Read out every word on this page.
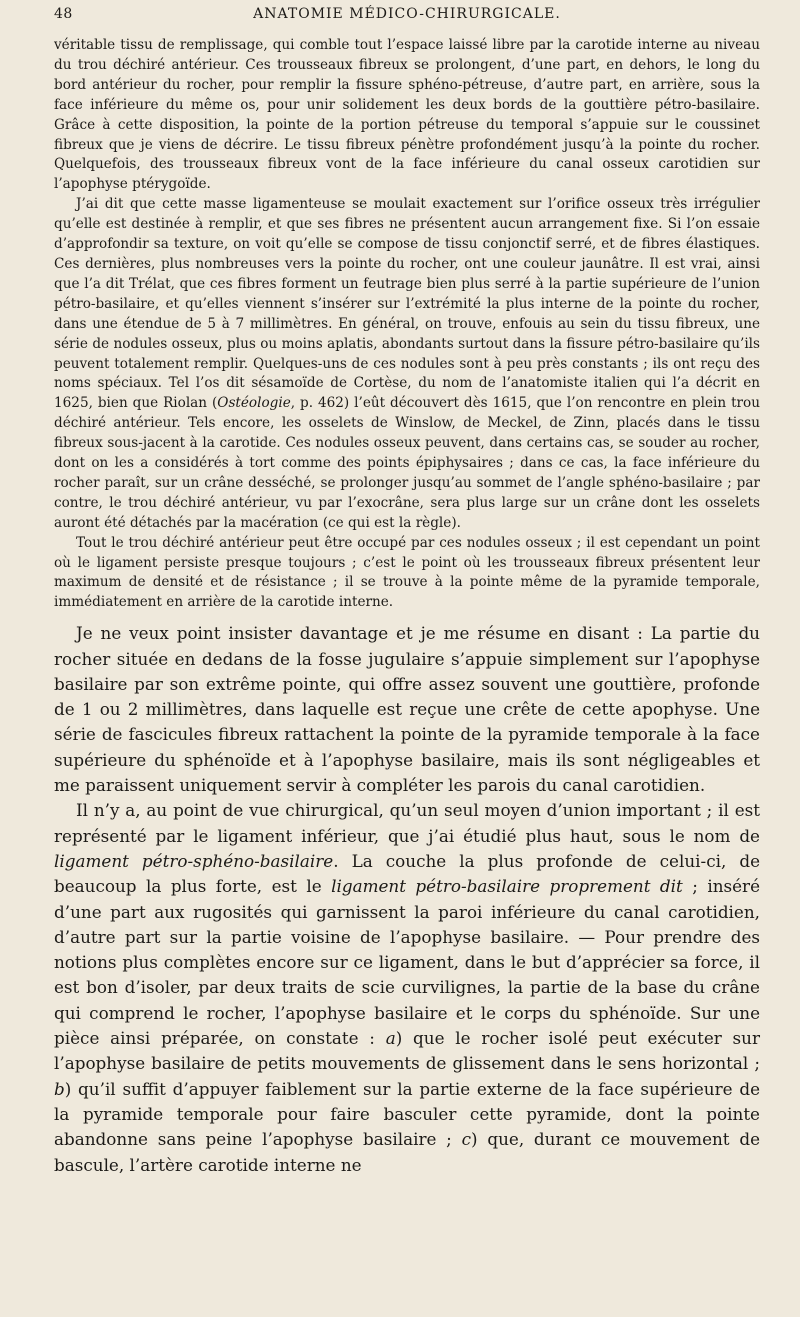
48	ANATOMIE MÉDICO-CHIRURGICALE.

véritable tissu de remplissage, qui comble tout l’espace laissé libre par la carotide interne au niveau du trou déchiré antérieur. Ces trousseaux fibreux se prolongent, d’une part, en dehors, le long du bord antérieur du rocher, pour remplir la fissure sphéno-pétreuse, d’autre part, en arrière, sous la face inférieure du même os, pour unir solidement les deux bords de la gouttière pétro-basilaire. Grâce à cette disposition, la pointe de la portion pétreuse du temporal s’appuie sur le coussinet fibreux que je viens de décrire. Le tissu fibreux pénètre profondément jusqu’à la pointe du rocher. Quelquefois, des trousseaux fibreux vont de la face inférieure du canal osseux carotidien sur l’apophyse ptérygoïde.

J’ai dit que cette masse ligamenteuse se moulait exactement sur l’orifice osseux très irrégulier qu’elle est destinée à remplir, et que ses fibres ne présentent aucun arrangement fixe. Si l’on essaie d’approfondir sa texture, on voit qu’elle se compose de tissu conjonctif serré, et de fibres élastiques. Ces dernières, plus nombreuses vers la pointe du rocher, ont une couleur jaunâtre. Il est vrai, ainsi que l’a dit Trélat, que ces fibres forment un feutrage bien plus serré à la partie supérieure de l’union pétro-basilaire, et qu’elles viennent s’insérer sur l’extrémité la plus interne de la pointe du rocher, dans une étendue de 5 à 7 millimètres. En général, on trouve, enfouis au sein du tissu fibreux, une série de nodules osseux, plus ou moins aplatis, abondants surtout dans la fissure pétro-basilaire qu’ils peuvent totalement remplir. Quelques-uns de ces nodules sont à peu près constants ; ils ont reçu des noms spéciaux. Tel l’os dit sésamoïde de Cortèse, du nom de l’anatomiste italien qui l’a décrit en 1625, bien que Riolan (Ostéologie, p. 462) l’eût découvert dès 1615, que l’on rencontre en plein trou déchiré antérieur. Tels encore, les osselets de Winslow, de Meckel, de Zinn, placés dans le tissu fibreux sous-jacent à la carotide. Ces nodules osseux peuvent, dans certains cas, se souder au rocher, dont on les a considérés à tort comme des points épiphysaires ; dans ce cas, la face inférieure du rocher paraît, sur un crâne desséché, se prolonger jusqu’au sommet de l’angle sphéno-basilaire ; par contre, le trou déchiré antérieur, vu par l’exocrâne, sera plus large sur un crâne dont les osselets auront été détachés par la macération (ce qui est la règle).

Tout le trou déchiré antérieur peut être occupé par ces nodules osseux ; il est cependant un point où le ligament persiste presque toujours ; c’est le point où les trousseaux fibreux présentent leur maximum de densité et de résistance ; il se trouve à la pointe même de la pyramide temporale, immédiatement en arrière de la carotide interne.

Je ne veux point insister davantage et je me résume en disant : La partie du rocher située en dedans de la fosse jugulaire s’appuie simplement sur l’apophyse basilaire par son extrême pointe, qui offre assez souvent une gouttière, profonde de 1 ou 2 millimètres, dans laquelle est reçue une crête de cette apophyse. Une série de fascicules fibreux rattachent la pointe de la pyramide temporale à la face supérieure du sphénoïde et à l’apophyse basilaire, mais ils sont négligeables et me paraissent uniquement servir à compléter les parois du canal carotidien.

Il n’y a, au point de vue chirurgical, qu’un seul moyen d’union important ; il est représenté par le ligament inférieur, que j’ai étudié plus haut, sous le nom de ligament pétro-sphéno-basilaire. La couche la plus profonde de celui-ci, de beaucoup la plus forte, est le ligament pétro-basilaire proprement dit ; inséré d’une part aux rugosités qui garnissent la paroi inférieure du canal carotidien, d’autre part sur la partie voisine de l’apophyse basilaire. — Pour prendre des notions plus complètes encore sur ce ligament, dans le but d’apprécier sa force, il est bon d’isoler, par deux traits de scie curvilignes, la partie de la base du crâne qui comprend le rocher, l’apophyse basilaire et le corps du sphénoïde. Sur une pièce ainsi préparée, on constate : a) que le rocher isolé peut exécuter sur l’apophyse basilaire de petits mouvements de glissement dans le sens horizontal ; b) qu’il suffit d’appuyer faiblement sur la partie externe de la face supérieure de la pyramide temporale pour faire basculer cette pyramide, dont la pointe abandonne sans peine l’apophyse basilaire ; c) que, durant ce mouvement de bascule, l’artère carotide interne ne
